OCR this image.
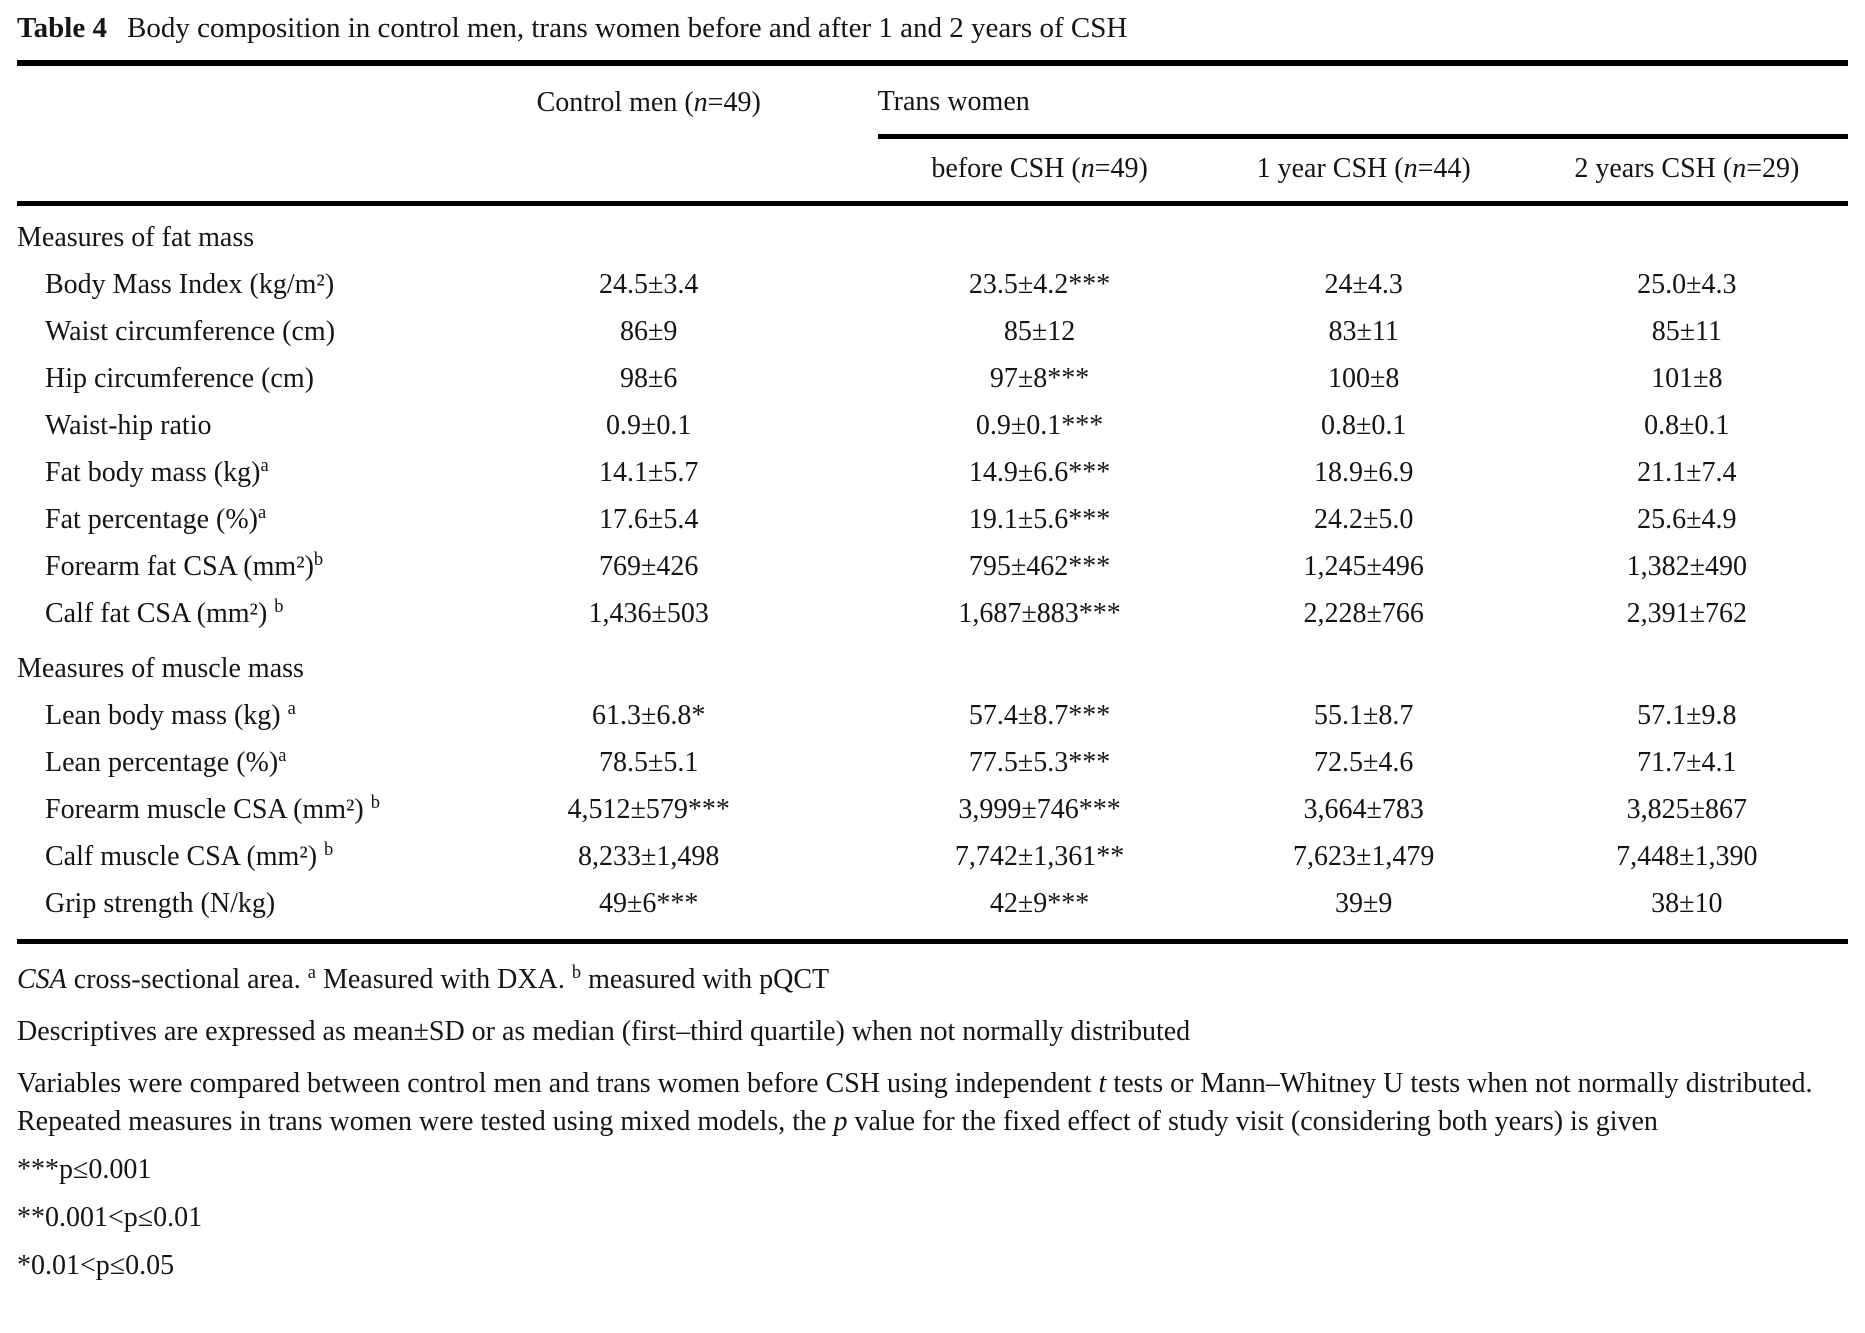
Table 4 Body composition in control men, trans women before and after 1 and 2 years of CSH
	Control men (n=49)	Trans women		
		before CSH (n=49)	1 year CSH (n=44)	2 years CSH (n=29)
Measures of fat mass				
Body Mass Index (kg/m²)	24.5±3.4	23.5±4.2***	24±4.3	25.0±4.3
Waist circumference (cm)	86±9	85±12	83±11	85±11
Hip circumference (cm)	98±6	97±8***	100±8	101±8
Waist-hip ratio	0.9±0.1	0.9±0.1***	0.8±0.1	0.8±0.1
Fat body mass (kg)$^a$	14.1±5.7	14.9±6.6***	18.9±6.9	21.1±7.4
Fat percentage (%)$^a$	17.6±5.4	19.1±5.6***	24.2±5.0	25.6±4.9
Forearm fat CSA $(mm^2)^b$	769±426	795±462***	1,245±496	1,382±490
Calf fat CSA (mm²) $^b$	1,436±503	1,687±883***	2,228±766	2,391±762
Measures of muscle mass				
Lean body mass (kg) $^a$	61.3±6.8*	57.4±8.7***	55.1±8.7	57.1±9.8
Lean percentage (%)$^a$	78.5±5.1	77.5±5.3***	72.5±4.6	71.7±4.1
Forearm muscle CSA (mm²) $^b$	4,512±579***	3,999±746***	3,664±783	3,825±867
Calf muscle CSA (mm²) $^b$	8,233±1,498	7,742±1,361**	7,623±1,479	7,448±1,390
Grip strength (N/kg)	49±6***	42±9***	39±9	38±10

CSA cross-sectional area. $^a$ Measured with DXA. $^b$ measured with pQCT

Descriptives are expressed as mean±SD or as median (first–third quartile) when not normally distributed

Variables were compared between control men and trans women before CSH using independent t tests or Mann–Whitney U tests when not normally distributed. Repeated measures in trans women were tested using mixed models, the p value for the fixed effect of study visit (considering both years) is given

***p≤0.001

**0.001<p≤0.01

*0.01<p≤0.05
